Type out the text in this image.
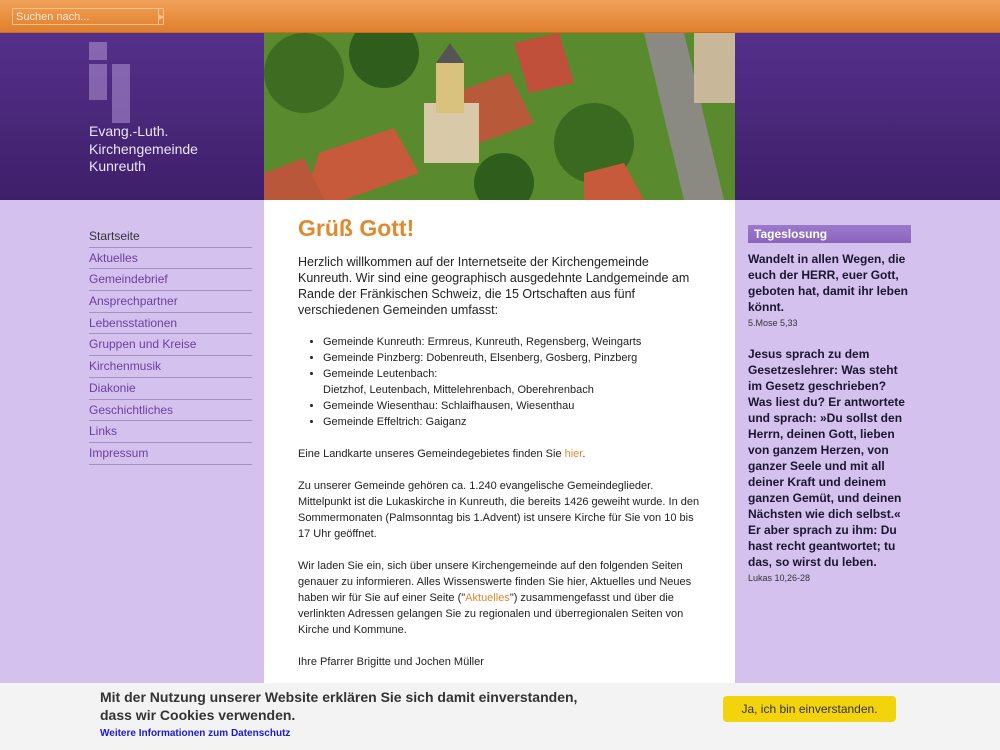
Suchen nach...
▶
Evang.-Luth.
Kirchengemeinde
Kunreuth
Startseite
Aktuelles
Gemeindebrief
Ansprechpartner
Lebensstationen
Gruppen und Kreise
Kirchenmusik
Diakonie
Geschichtliches
Links
Impressum
Grüß Gott!

Herzlich willkommen auf der Internetseite der Kirchengemeinde Kunreuth. Wir sind eine geographisch ausgedehnte Landgemeinde am Rande der Fränkischen Schweiz, die 15 Ortschaften aus fünf verschiedenen Gemeinden umfasst:

• Gemeinde Kunreuth: Ermreus, Kunreuth, Regensberg, Weingarts
• Gemeinde Pinzberg: Dobenreuth, Elsenberg, Gosberg, Pinzberg
• Gemeinde Leutenbach:
Dietzhof, Leutenbach, Mittelehrenbach, Oberehrenbach
• Gemeinde Wiesenthau: Schlaifhausen, Wiesenthau
• Gemeinde Effeltrich: Gaiganz

Eine Landkarte unseres Gemeindegebietes finden Sie hier.

Zu unserer Gemeinde gehören ca. 1.240 evangelische Gemeindeglieder. Mittelpunkt ist die Lukaskirche in Kunreuth, die bereits 1426 geweiht wurde. In den Sommermonaten (Palmsonntag bis 1.Advent) ist unsere Kirche für Sie von 10 bis 17 Uhr geöffnet.

Wir laden Sie ein, sich über unsere Kirchengemeinde auf den folgenden Seiten genauer zu informieren. Alles Wissenswerte finden Sie hier, Aktuelles und Neues haben wir für Sie auf einer Seite ("Aktuelles") zusammengefasst und über die verlinkten Adressen gelangen Sie zu regionalen und überregionalen Seiten von Kirche und Kommune.

Ihre Pfarrer Brigitte und Jochen Müller

Tageslosung
Wandelt in allen Wegen, die euch der HERR, euer Gott, geboten hat, damit ihr leben könnt.
5.Mose 5,33
Jesus sprach zu dem Gesetzeslehrer: Was steht im Gesetz geschrieben? Was liest du? Er antwortete und sprach: »Du sollst den Herrn, deinen Gott, lieben von ganzem Herzen, von ganzer Seele und mit all deiner Kraft und deinem ganzen Gemüt, und deinen Nächsten wie dich selbst.« Er aber sprach zu ihm: Du hast recht geantwortet; tu das, so wirst du leben.
Lukas 10,26-28
Mit der Nutzung unserer Website erklären Sie sich damit einverstanden, dass wir Cookies verwenden.
Weitere Informationen zum Datenschutz
Ja, ich bin einverstanden.
